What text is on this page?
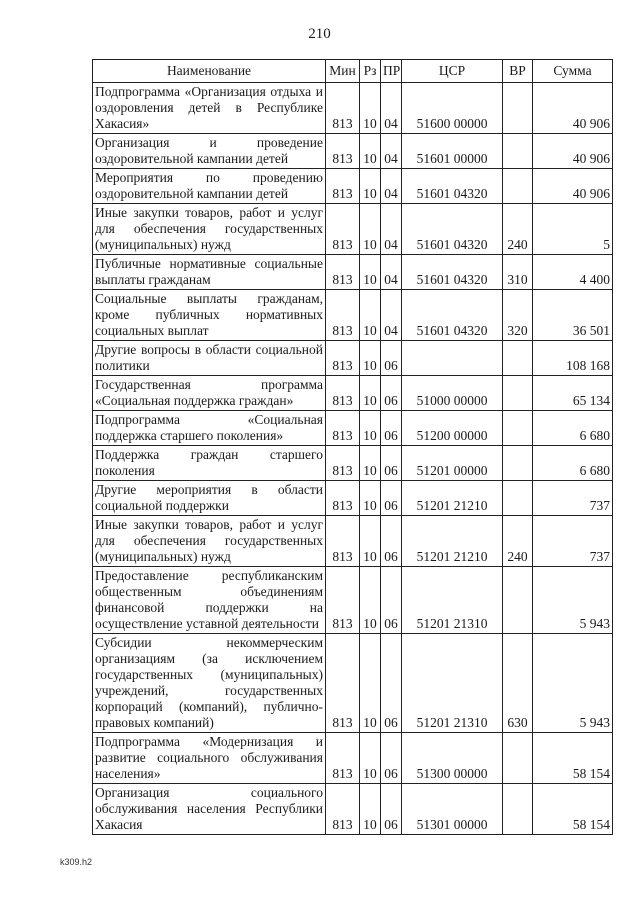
210
Наименование	Мин	Рз	ПР	ЦСР	ВР	Сумма
Подпрограмма «Организация отдыха и оздоровления детей в Республике Хакасия»	813	10	04	51600 00000		40 906
Организация и проведение оздоровительной кампании детей	813	10	04	51601 00000		40 906
Мероприятия по проведению оздоровительной кампании детей	813	10	04	51601 04320		40 906
Иные закупки товаров, работ и услуг для обеспечения государственных (муниципальных) нужд	813	10	04	51601 04320	240	5
Публичные нормативные социальные выплаты гражданам	813	10	04	51601 04320	310	4 400
Социальные выплаты гражданам, кроме публичных нормативных социальных выплат	813	10	04	51601 04320	320	36 501
Другие вопросы в области социальной политики	813	10	06			108 168
Государственная программа «Социальная поддержка граждан»	813	10	06	51000 00000		65 134
Подпрограмма «Социальная поддержка старшего поколения»	813	10	06	51200 00000		6 680
Поддержка граждан старшего поколения	813	10	06	51201 00000		6 680
Другие мероприятия в области социальной поддержки	813	10	06	51201 21210		737
Иные закупки товаров, работ и услуг для обеспечения государственных (муниципальных) нужд	813	10	06	51201 21210	240	737
Предоставление республиканским общественным объединениям финансовой поддержки на осуществление уставной деятельности	813	10	06	51201 21310		5 943
Субсидии некоммерческим организациям (за исключением государственных (муниципальных) учреждений, государственных корпораций (компаний), публично-правовых компаний)	813	10	06	51201 21310	630	5 943
Подпрограмма «Модернизация и развитие социального обслуживания населения»	813	10	06	51300 00000		58 154
Организация социального обслуживания населения Республики Хакасия	813	10	06	51301 00000		58 154
k309.h2
